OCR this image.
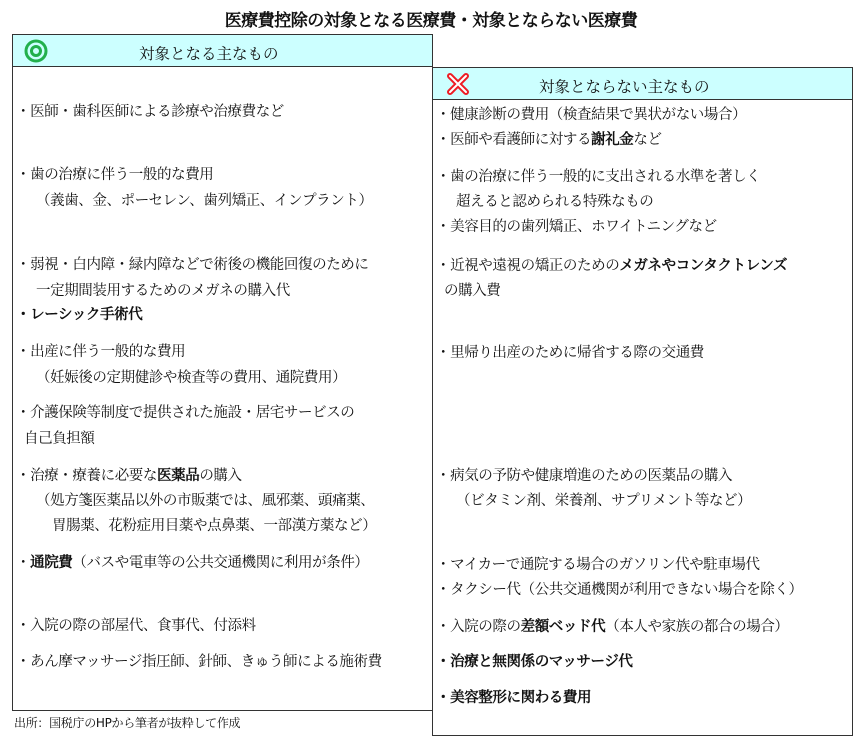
医療費控除の対象となる医療費・対象とならない医療費
対象となる主なもの
対象とならない主なもの
・医師・歯科医師による診療や治療費など
・歯の治療に伴う一般的な費用
（義歯、金、ポーセレン、歯列矯正、インプラント）
・弱視・白内障・緑内障などで術後の機能回復のために
一定期間装用するためのメガネの購入代
・レーシック手術代
・出産に伴う一般的な費用
（妊娠後の定期健診や検査等の費用、通院費用）
・介護保険等制度で提供された施設・居宅サービスの
自己負担額
・治療・療養に必要な医薬品の購入
（処方箋医薬品以外の市販薬では、風邪薬、頭痛薬、
胃腸薬、花粉症用目薬や点鼻薬、一部漢方薬など）
・通院費（バスや電車等の公共交通機関に利用が条件）
・入院の際の部屋代、食事代、付添料
・あん摩マッサージ指圧師、針師、きゅう師による施術費
・健康診断の費用（検査結果で異状がない場合）
・医師や看護師に対する謝礼金など
・歯の治療に伴う一般的に支出される水準を著しく
超えると認められる特殊なもの
・美容目的の歯列矯正、ホワイトニングなど
・近視や遠視の矯正のためのメガネやコンタクトレンズ
の購入費
・里帰り出産のために帰省する際の交通費
・病気の予防や健康増進のための医薬品の購入
（ビタミン剤、栄養剤、サプリメント等など）
・マイカーで通院する場合のガソリン代や駐車場代
・タクシー代（公共交通機関が利用できない場合を除く）
・入院の際の差額ベッド代（本人や家族の都合の場合）
・治療と無関係のマッサージ代
・美容整形に関わる費用
出所：国税庁のHPから筆者が抜粋して作成
